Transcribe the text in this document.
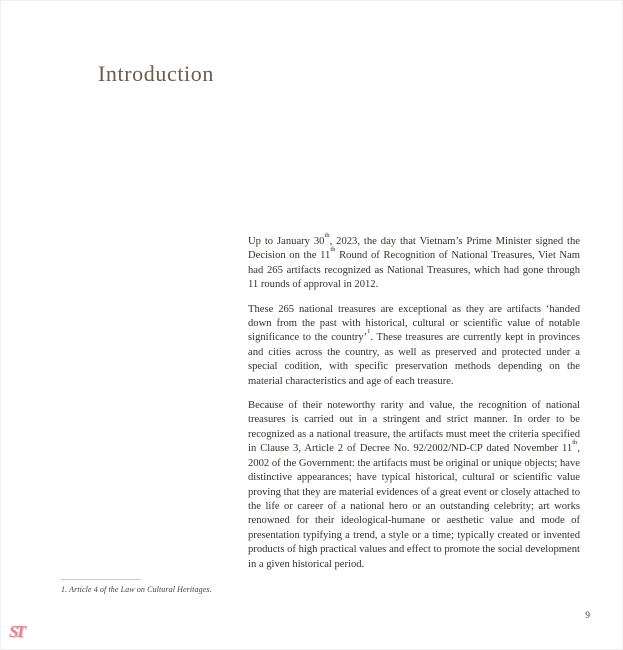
Introduction

Up to January 30th, 2023, the day that Vietnam’s Prime Minister signed the Decision on the 11th Round of Recognition of National Treasures, Viet Nam had 265 artifacts recognized as National Treasures, which had gone through 11 rounds of approval in 2012.

These 265 national treasures are exceptional as they are artifacts ‘handed down from the past with historical, cultural or scientific value of notable significance to the country’$^1$. These treasures are currently kept in provinces and cities across the country, as well as preserved and protected under a special codition, with specific preservation methods depending on the material characteristics and age of each treasure.

Because of their noteworthy rarity and value, the recognition of national treasures is carried out in a stringent and strict manner. In order to be recognized as a national treasure, the artifacts must meet the criteria specified in Clause 3, Article 2 of Decree No. 92/2002/ND-CP dated November 11th, 2002 of the Government: the artifacts must be original or unique objects; have distinctive appearances; have typical historical, cultural or scientific value proving that they are material evidences of a great event or closely attached to the life or career of a national hero or an outstanding celebrity; art works renowned for their ideological-humane or aesthetic value and mode of presentation typifying a trend, a style or a time; typically created or invented products of high practical values and effect to promote the social development in a given historical period.

1. Article 4 of the Law on Cultural Heritages.
ST
9
